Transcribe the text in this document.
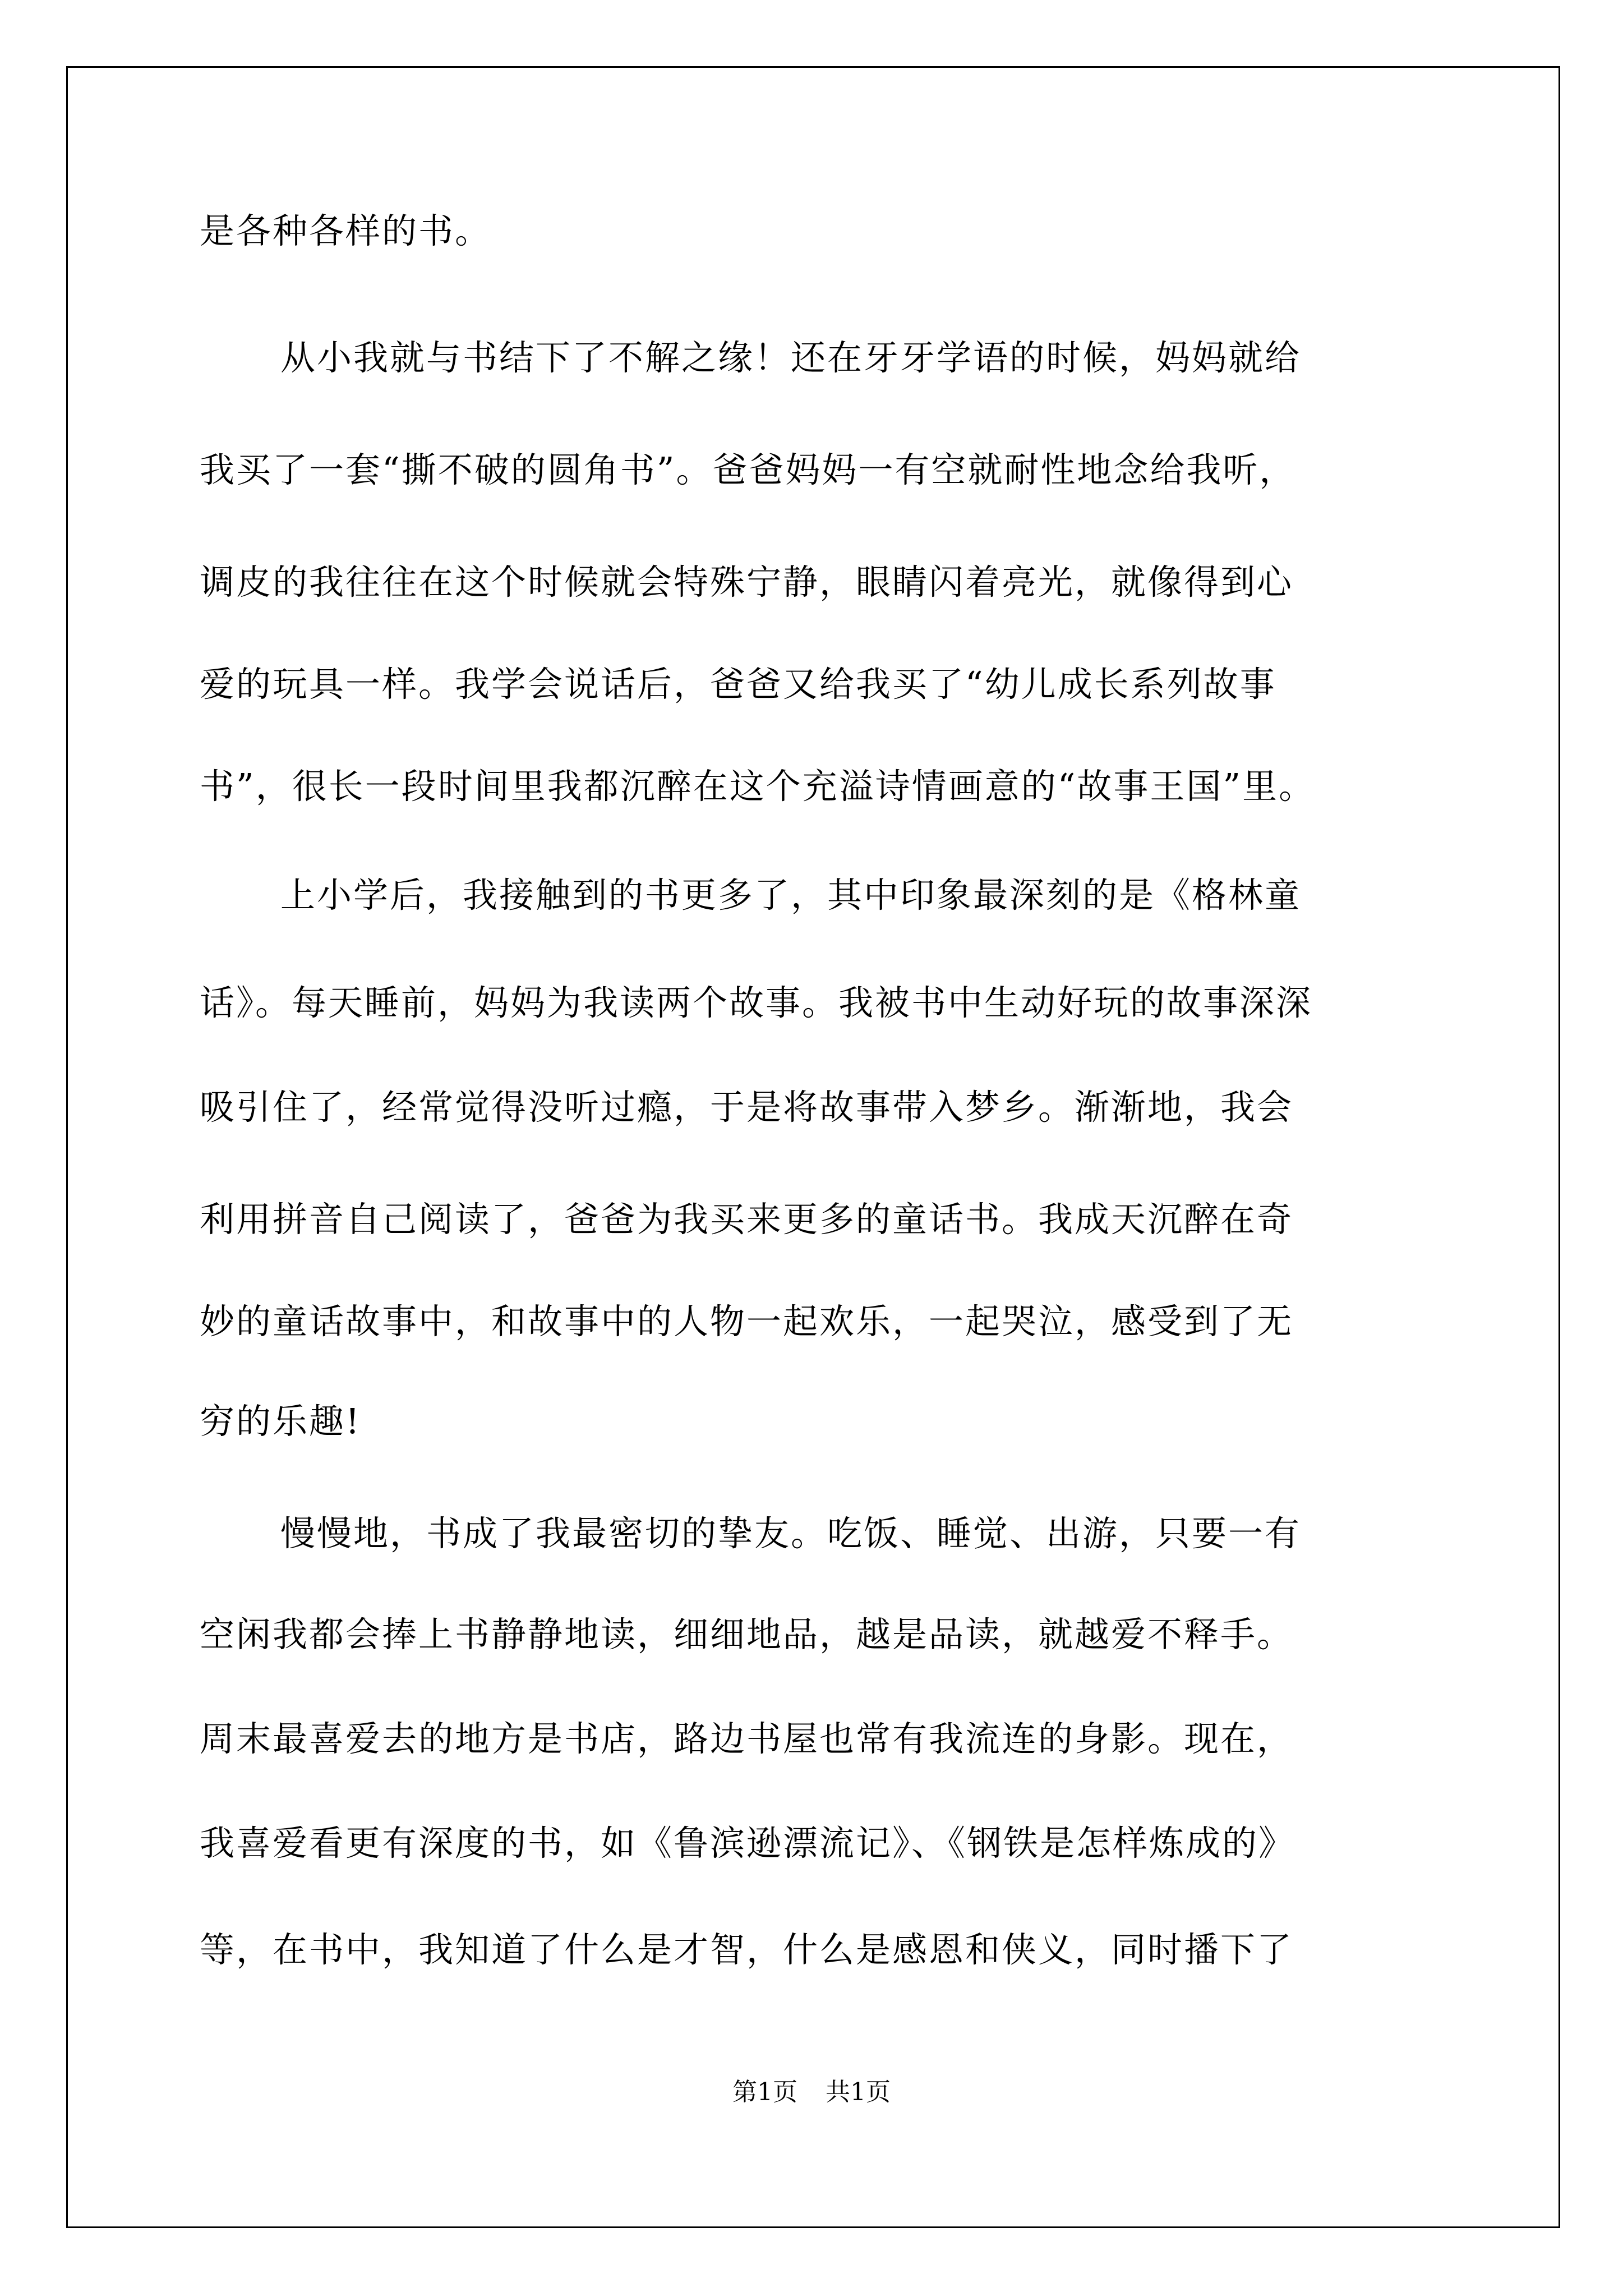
是各种各样的书。
从小我就与书结下了不解之缘！还在牙牙学语的时候，妈妈就给
我买了一套“撕不破的圆角书”。爸爸妈妈一有空就耐性地念给我听，
调皮的我往往在这个时候就会特殊宁静，眼睛闪着亮光，就像得到心
爱的玩具一样。我学会说话后，爸爸又给我买了“幼儿成长系列故事
书”，很长一段时间里我都沉醉在这个充溢诗情画意的“故事王国”里。
上小学后，我接触到的书更多了，其中印象最深刻的是《格林童
话》。每天睡前，妈妈为我读两个故事。我被书中生动好玩的故事深深
吸引住了，经常觉得没听过瘾，于是将故事带入梦乡。渐渐地，我会
利用拼音自己阅读了，爸爸为我买来更多的童话书。我成天沉醉在奇
妙的童话故事中，和故事中的人物一起欢乐，一起哭泣，感受到了无
穷的乐趣!
慢慢地，书成了我最密切的挚友。吃饭、睡觉、出游，只要一有
空闲我都会捧上书静静地读，细细地品，越是品读，就越爱不释手。
周末最喜爱去的地方是书店，路边书屋也常有我流连的身影。现在，
我喜爱看更有深度的书，如《鲁滨逊漂流记》、《钢铁是怎样炼成的》
等，在书中，我知道了什么是才智，什么是感恩和侠义，同时播下了
第1页 共1页
